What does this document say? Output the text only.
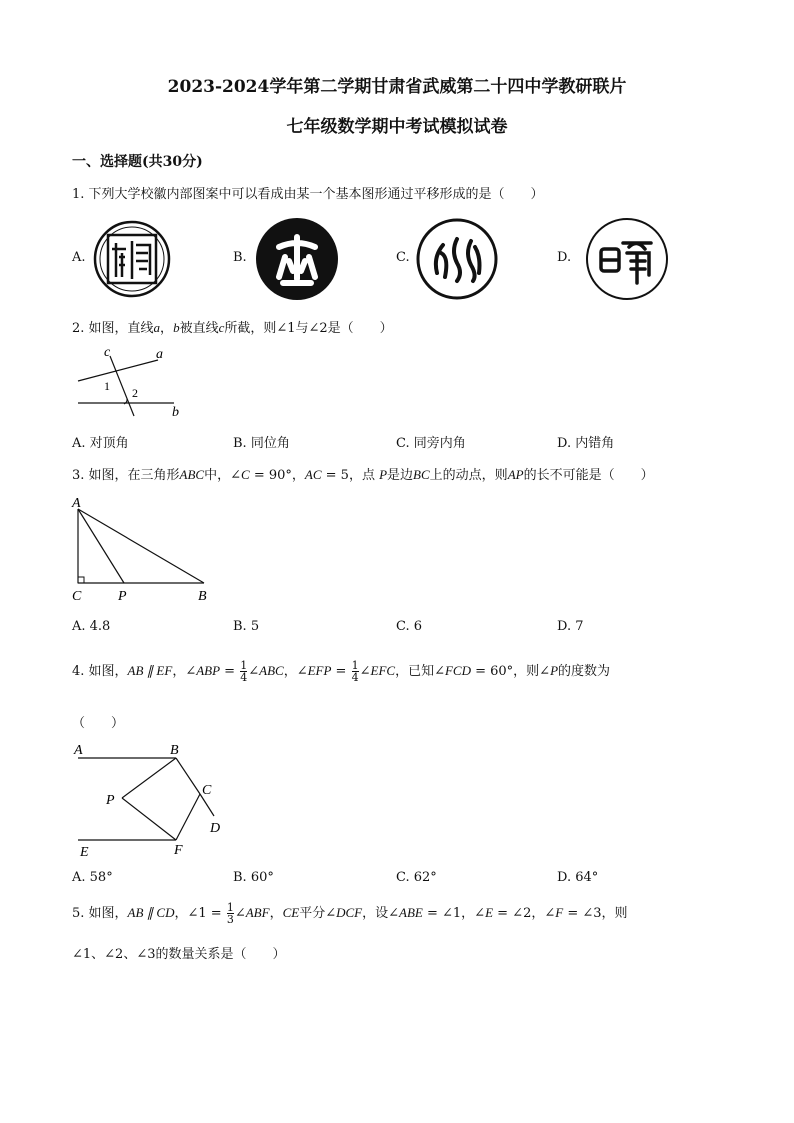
2023-2024学年第二学期甘肃省武威第二十四中学教研联片
七年级数学期中考试模拟试卷
一、选择题(共30分)
1. 下列大学校徽内部图案中可以看成由某一个基本图形通过平移形成的是（　　）
A.	B.	C.	D.
2. 如图，直线a，b被直线c所截，则∠1与∠2是（　　）
c	a
b
1 2
A. 对顶角	B. 同位角	C. 同旁内角	D. 内错角
3. 如图，在三角形ABC中，∠C = 90°，AC = 5，点 P是边BC上的动点，则AP的长不可能是（　　）
A
C	P	B
A. 4.8	B. 5	C. 6	D. 7
4. 如图，AB ∥ EF，∠ABP = $\frac{1}{4}$ ∠ABC，∠EFP = $\frac{1}{4}$ ∠EFC，已知∠FCD = 60°，则∠P的度数为
（　　）
A	B
P
C
D
E	F
A. 58°	B. 60°	C. 62°	D. 64°
5. 如图，AB ∥ CD，∠1 = $\frac{1}{3}$ ∠ABF，CE平分∠DCF，设∠ABE = ∠1，∠E = ∠2，∠F = ∠3，则
∠1、∠2、∠3的数量关系是（　　）
